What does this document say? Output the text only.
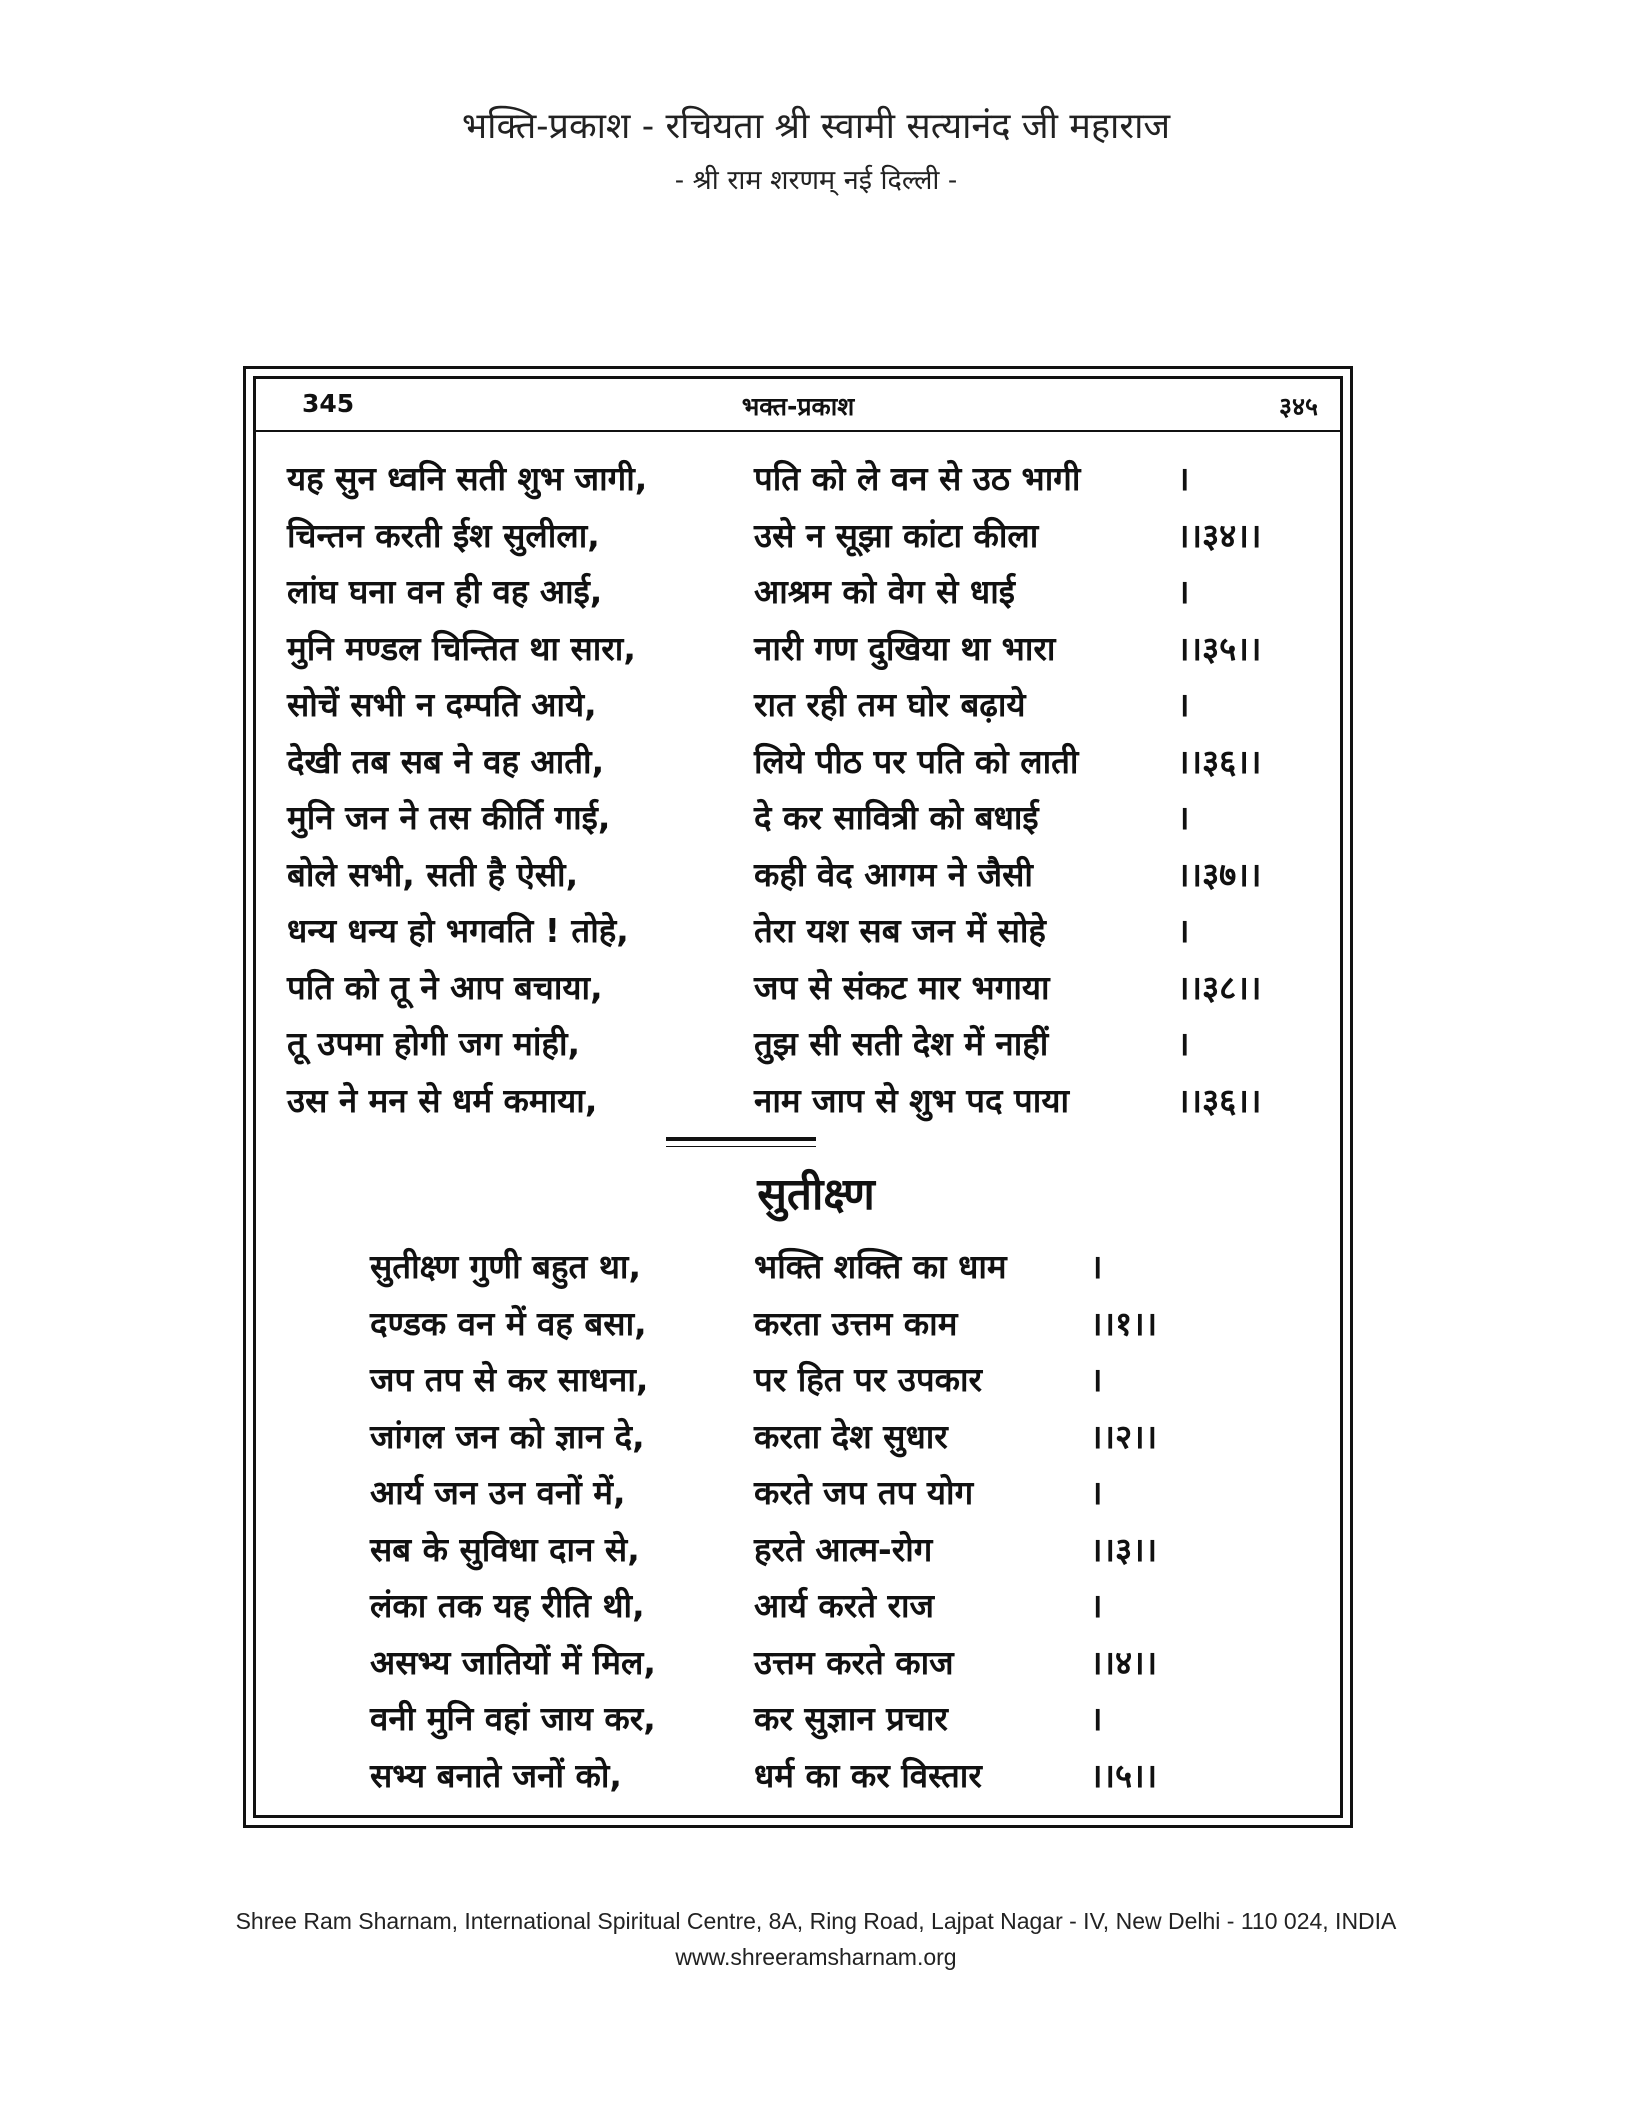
भक्ति-प्रकाश - रचियता श्री स्वामी सत्यानंद जी महाराज
- श्री राम शरणम् नई दिल्ली -
345	भक्त-प्रकाश	३४५
यह सुन ध्वनि सती शुभ जागी,	पति को ले वन से उठ भागी	।
चिन्तन करती ईश सुलीला,	उसे न सूझा कांटा कीला	।।३४।।
लांघ घना वन ही वह आई,	आश्रम को वेग से धाई	।
मुनि मण्डल चिन्तित था सारा,	नारी गण दुखिया था भारा	।।३५।।
सोचें सभी न दम्पति आये,	रात रही तम घोर बढ़ाये	।
देखी तब सब ने वह आती,	लिये पीठ पर पति को लाती	।।३६।।
मुनि जन ने तस कीर्ति गाई,	दे कर सावित्री को बधाई	।
बोले सभी, सती है ऐसी,	कही वेद आगम ने जैसी	।।३७।।
धन्य धन्य हो भगवति ! तोहे,	तेरा यश सब जन में सोहे	।
पति को तू ने आप बचाया,	जप से संकट मार भगाया	।।३८।।
तू उपमा होगी जग मांही,	तुझ सी सती देश में नाहीं	।
उस ने मन से धर्म कमाया,	नाम जाप से शुभ पद पाया	।।३६।।
सुतीक्ष्ण
सुतीक्ष्ण गुणी बहुत था,	भक्ति शक्ति का धाम	।
दण्डक वन में वह बसा,	करता उत्तम काम	।।१।।
जप तप से कर साधना,	पर हित पर उपकार	।
जांगल जन को ज्ञान दे,	करता देश सुधार	।।२।।
आर्य जन उन वनों में,	करते जप तप योग	।
सब के सुविधा दान से,	हरते आत्म-रोग	।।३।।
लंका तक यह रीति थी,	आर्य करते राज	।
असभ्य जातियों में मिल,	उत्तम करते काज	।।४।।
वनी मुनि वहां जाय कर,	कर सुज्ञान प्रचार	।
सभ्य बनाते जनों को,	धर्म का कर विस्तार	।।५।।
Shree Ram Sharnam, International Spiritual Centre, 8A, Ring Road, Lajpat Nagar - IV, New Delhi - 110 024, INDIA
www.shreeramsharnam.org
